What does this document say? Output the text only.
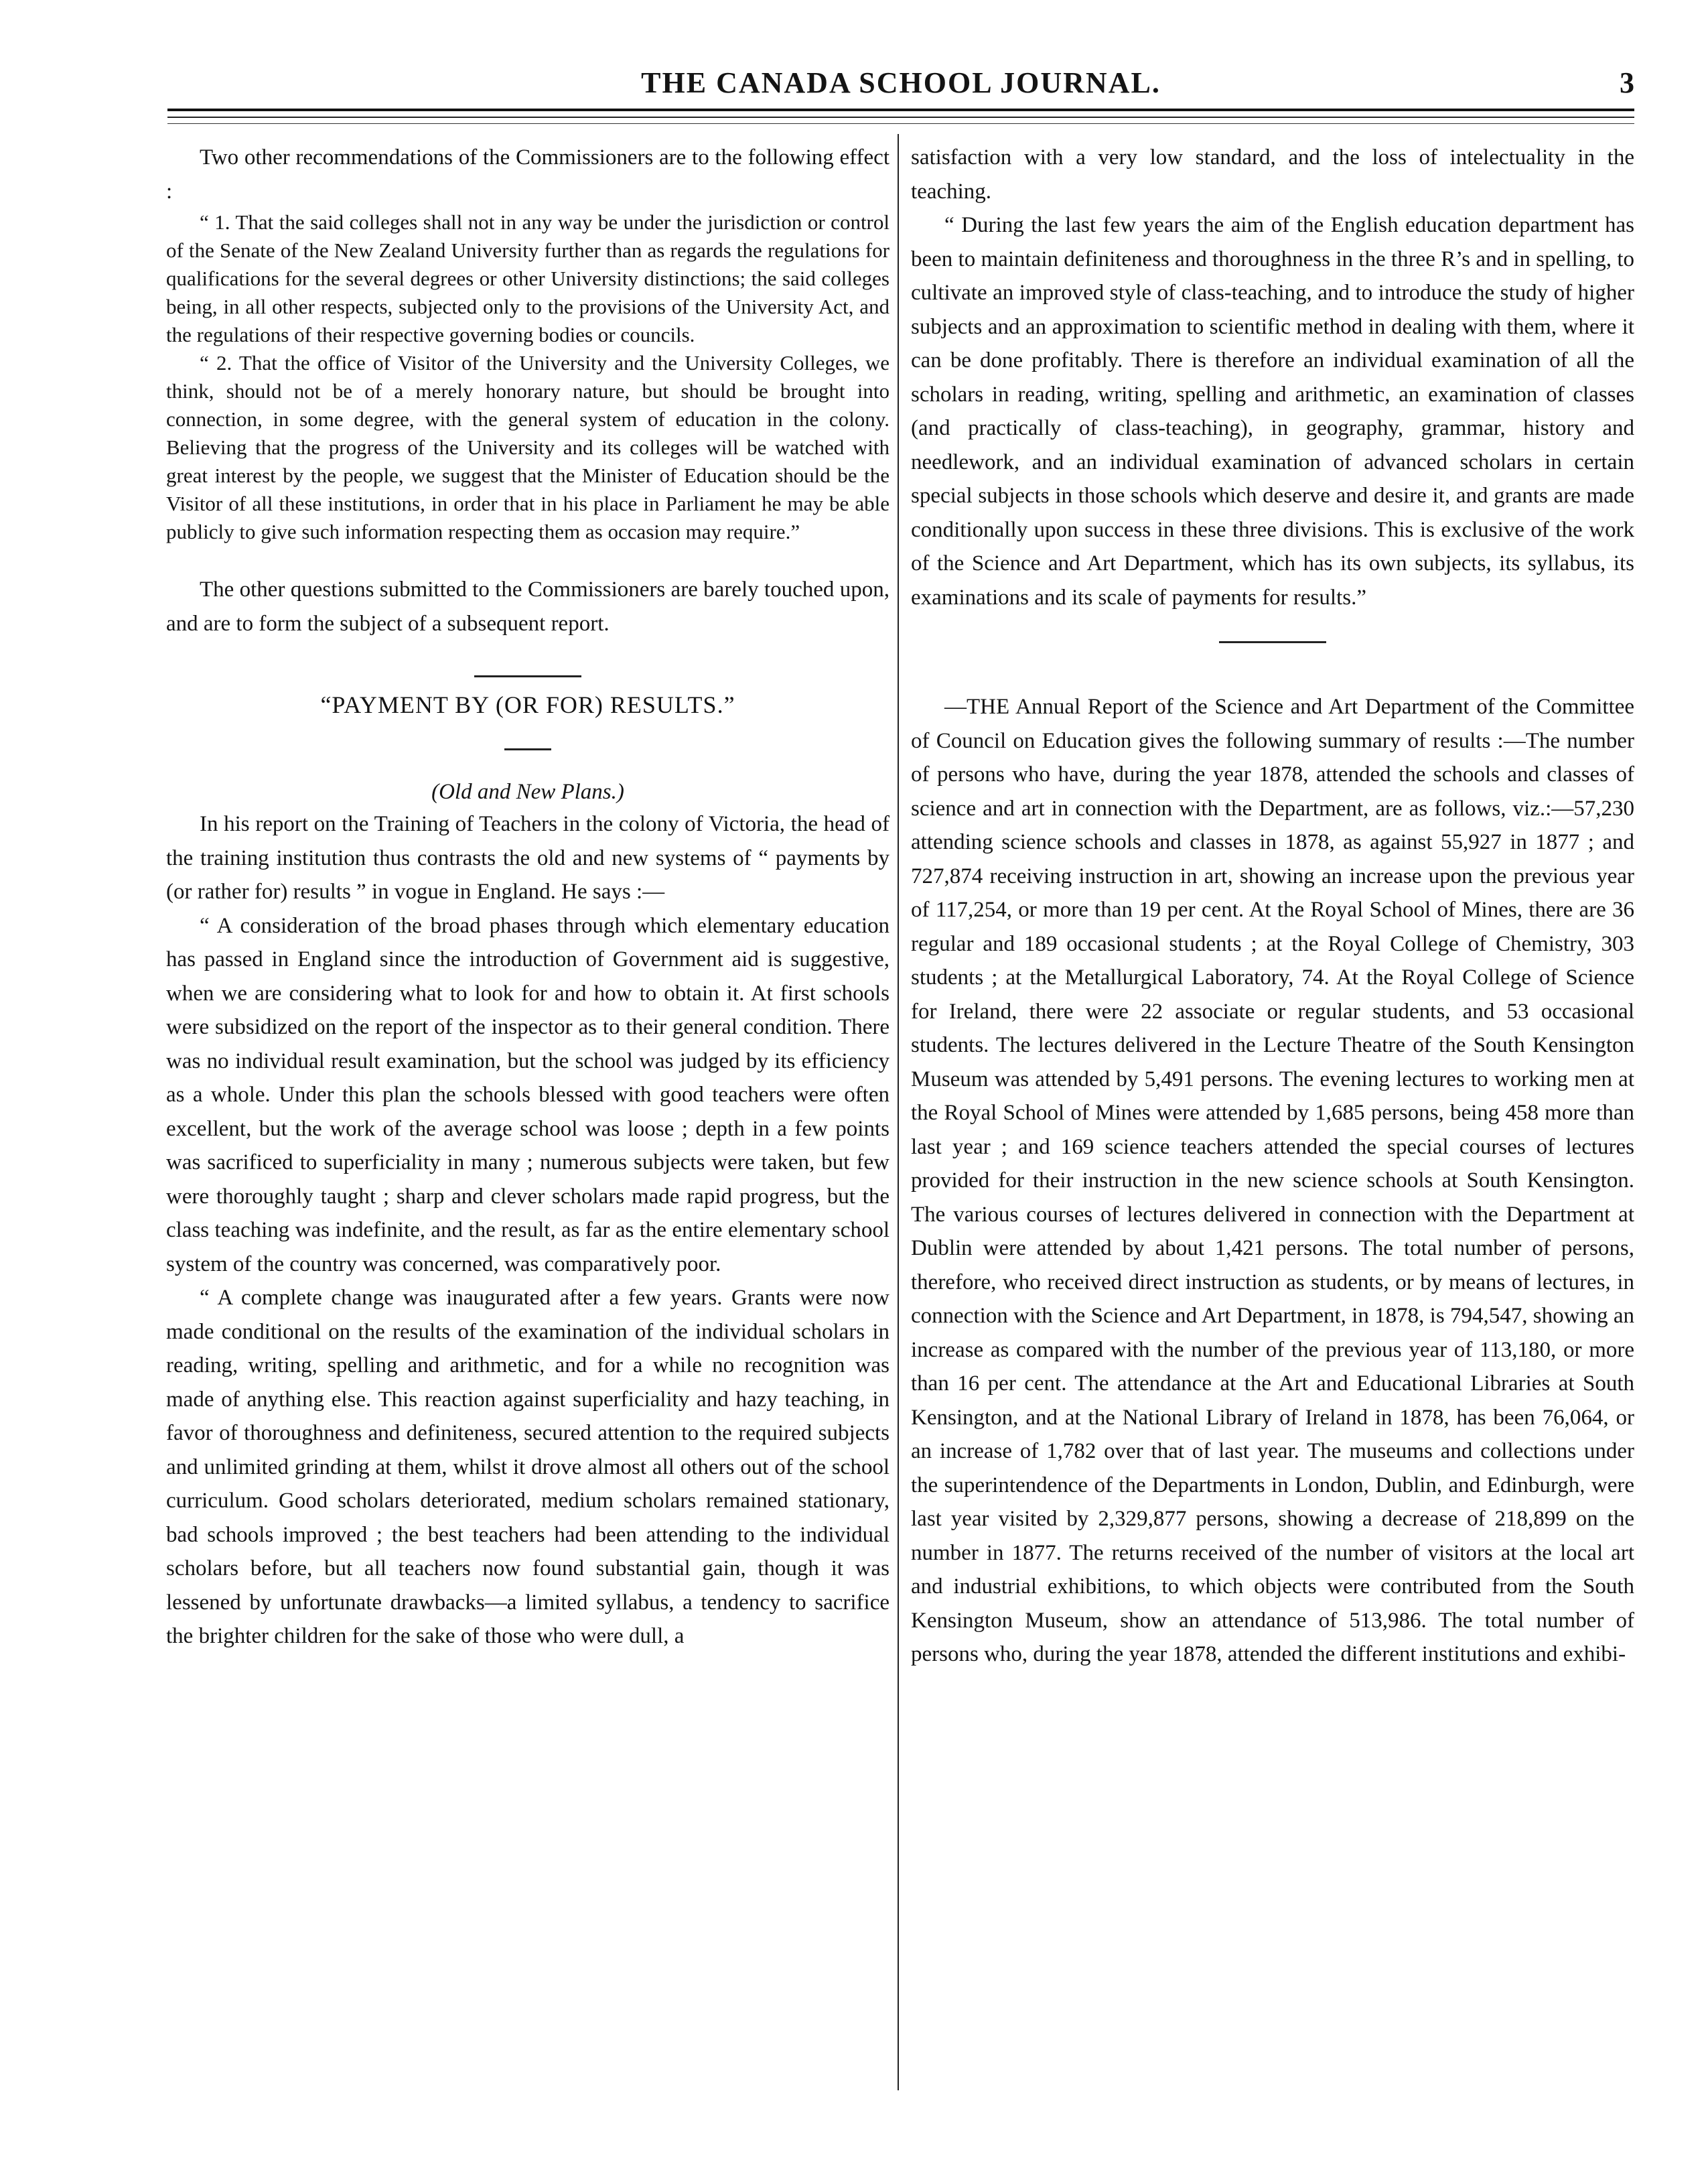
THE CANADA SCHOOL JOURNAL.	3

Two other recommendations of the Commissioners are to the following effect :

“ 1. That the said colleges shall not in any way be under the jurisdiction or control of the Senate of the New Zealand University further than as regards the regulations for qualifications for the several degrees or other University distinctions; the said colleges being, in all other respects, subjected only to the provisions of the University Act, and the regulations of their respective governing bodies or councils.

“ 2. That the office of Visitor of the University and the University Colleges, we think, should not be of a merely honorary nature, but should be brought into connection, in some degree, with the general system of education in the colony. Believing that the progress of the University and its colleges will be watched with great interest by the people, we suggest that the Minister of Education should be the Visitor of all these institutions, in order that in his place in Parliament he may be able publicly to give such information respecting them as occasion may require.”

The other questions submitted to the Commissioners are barely touched upon, and are to form the subject of a subsequent report.

“PAYMENT BY (OR FOR) RESULTS.”
(Old and New Plans.)

In his report on the Training of Teachers in the colony of Victoria, the head of the training institution thus contrasts the old and new systems of “ payments by (or rather for) results ” in vogue in England. He says :—

“ A consideration of the broad phases through which elementary education has passed in England since the introduction of Government aid is suggestive, when we are considering what to look for and how to obtain it. At first schools were subsidized on the report of the inspector as to their general condition. There was no individual result examination, but the school was judged by its efficiency as a whole. Under this plan the schools blessed with good teachers were often excellent, but the work of the average school was loose ; depth in a few points was sacrificed to superficiality in many ; numerous subjects were taken, but few were thoroughly taught ; sharp and clever scholars made rapid progress, but the class teaching was indefinite, and the result, as far as the entire elementary school system of the country was concerned, was comparatively poor.

“ A complete change was inaugurated after a few years. Grants were now made conditional on the results of the examination of the individual scholars in reading, writing, spelling and arithmetic, and for a while no recognition was made of anything else. This reaction against superficiality and hazy teaching, in favor of thoroughness and definiteness, secured attention to the required subjects and unlimited grinding at them, whilst it drove almost all others out of the school curriculum. Good scholars deteriorated, medium scholars remained stationary, bad schools improved ; the best teachers had been attending to the individual scholars before, but all teachers now found substantial gain, though it was lessened by unfortunate drawbacks—a limited syllabus, a tendency to sacrifice the brighter children for the sake of those who were dull, a

satisfaction with a very low standard, and the loss of intelectuality in the teaching.

“ During the last few years the aim of the English education department has been to maintain definiteness and thoroughness in the three R’s and in spelling, to cultivate an improved style of class-teaching, and to introduce the study of higher subjects and an approximation to scientific method in dealing with them, where it can be done profitably. There is therefore an individual examination of all the scholars in reading, writing, spelling and arithmetic, an examination of classes (and practically of class-teaching), in geography, grammar, history and needlework, and an individual examination of advanced scholars in certain special subjects in those schools which deserve and desire it, and grants are made conditionally upon success in these three divisions. This is exclusive of the work of the Science and Art Department, which has its own subjects, its syllabus, its examinations and its scale of payments for results.”

—THE Annual Report of the Science and Art Department of the Committee of Council on Education gives the following summary of results :—The number of persons who have, during the year 1878, attended the schools and classes of science and art in connection with the Department, are as follows, viz.:—57,230 attending science schools and classes in 1878, as against 55,927 in 1877 ; and 727,874 receiving instruction in art, showing an increase upon the previous year of 117,254, or more than 19 per cent. At the Royal School of Mines, there are 36 regular and 189 occasional students ; at the Royal College of Chemistry, 303 students ; at the Metallurgical Laboratory, 74. At the Royal College of Science for Ireland, there were 22 associate or regular students, and 53 occasional students. The lectures delivered in the Lecture Theatre of the South Kensington Museum was attended by 5,491 persons. The evening lectures to working men at the Royal School of Mines were attended by 1,685 persons, being 458 more than last year ; and 169 science teachers attended the special courses of lectures provided for their instruction in the new science schools at South Kensington. The various courses of lectures delivered in connection with the Department at Dublin were attended by about 1,421 persons. The total number of persons, therefore, who received direct instruction as students, or by means of lectures, in connection with the Science and Art Department, in 1878, is 794,547, showing an increase as compared with the number of the previous year of 113,180, or more than 16 per cent. The attendance at the Art and Educational Libraries at South Kensington, and at the National Library of Ireland in 1878, has been 76,064, or an increase of 1,782 over that of last year. The museums and collections under the superintendence of the Departments in London, Dublin, and Edinburgh, were last year visited by 2,329,877 persons, showing a decrease of 218,899 on the number in 1877. The returns received of the number of visitors at the local art and industrial exhibitions, to which objects were contributed from the South Kensington Museum, show an attendance of 513,986. The total number of persons who, during the year 1878, attended the different institutions and exhibi-
